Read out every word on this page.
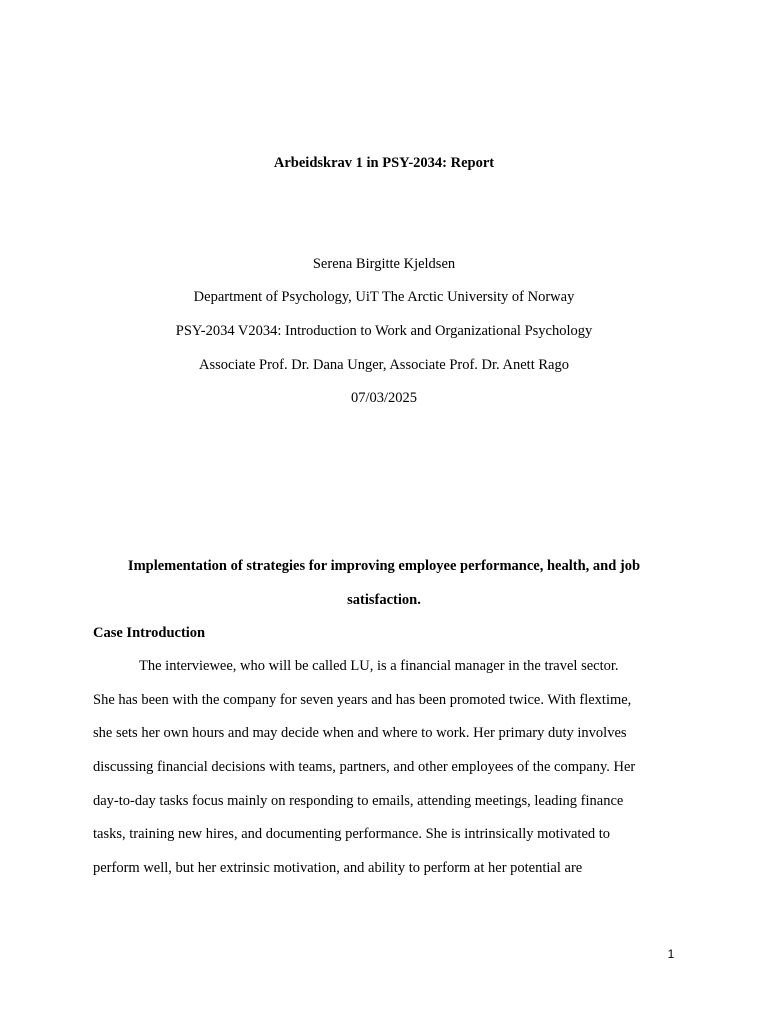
Arbeidskrav 1 in PSY-2034: Report
Serena Birgitte Kjeldsen
Department of Psychology, UiT The Arctic University of Norway
PSY-2034 V2034: Introduction to Work and Organizational Psychology
Associate Prof. Dr. Dana Unger, Associate Prof. Dr. Anett Rago
07/03/2025
Implementation of strategies for improving employee performance, health, and job
satisfaction.
Case Introduction
The interviewee, who will be called LU, is a financial manager in the travel sector.
She has been with the company for seven years and has been promoted twice. With flextime,
she sets her own hours and may decide when and where to work. Her primary duty involves
discussing financial decisions with teams, partners, and other employees of the company. Her
day-to-day tasks focus mainly on responding to emails, attending meetings, leading finance
tasks, training new hires, and documenting performance. She is intrinsically motivated to
perform well, but her extrinsic motivation, and ability to perform at her potential are
1
